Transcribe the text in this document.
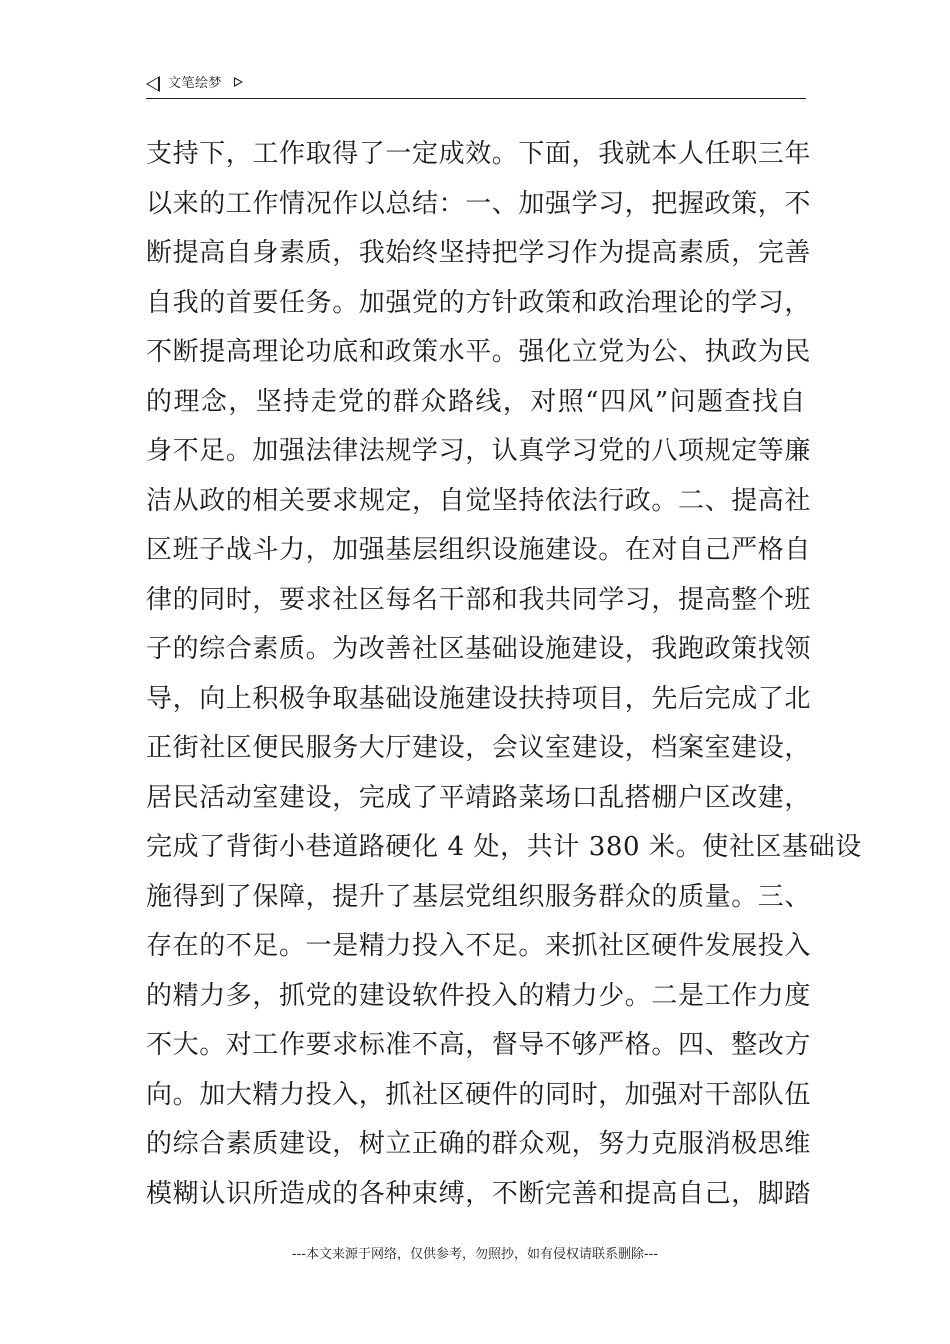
文笔绘梦
支持下，工作取得了一定成效。下面，我就本人任职三年
以来的工作情况作以总结：一、加强学习，把握政策，不
断提高自身素质，我始终坚持把学习作为提高素质，完善
自我的首要任务。加强党的方针政策和政治理论的学习，
不断提高理论功底和政策水平。强化立党为公、执政为民
的理念，坚持走党的群众路线，对照“四风”问题查找自
身不足。加强法律法规学习，认真学习党的八项规定等廉
洁从政的相关要求规定，自觉坚持依法行政。二、提高社
区班子战斗力，加强基层组织设施建设。在对自己严格自
律的同时，要求社区每名干部和我共同学习，提高整个班
子的综合素质。为改善社区基础设施建设，我跑政策找领
导，向上积极争取基础设施建设扶持项目，先后完成了北
正街社区便民服务大厅建设，会议室建设，档案室建设，
居民活动室建设，完成了平靖路菜场口乱搭棚户区改建，
完成了背街小巷道路硬化 4 处，共计 380 米。使社区基础设
施得到了保障，提升了基层党组织服务群众的质量。三、
存在的不足。一是精力投入不足。来抓社区硬件发展投入
的精力多，抓党的建设软件投入的精力少。二是工作力度
不大。对工作要求标准不高，督导不够严格。四、整改方
向。加大精力投入，抓社区硬件的同时，加强对干部队伍
的综合素质建设，树立正确的群众观，努力克服消极思维
模糊认识所造成的各种束缚，不断完善和提高自己，脚踏
---本文来源于网络，仅供参考，勿照抄，如有侵权请联系删除---
